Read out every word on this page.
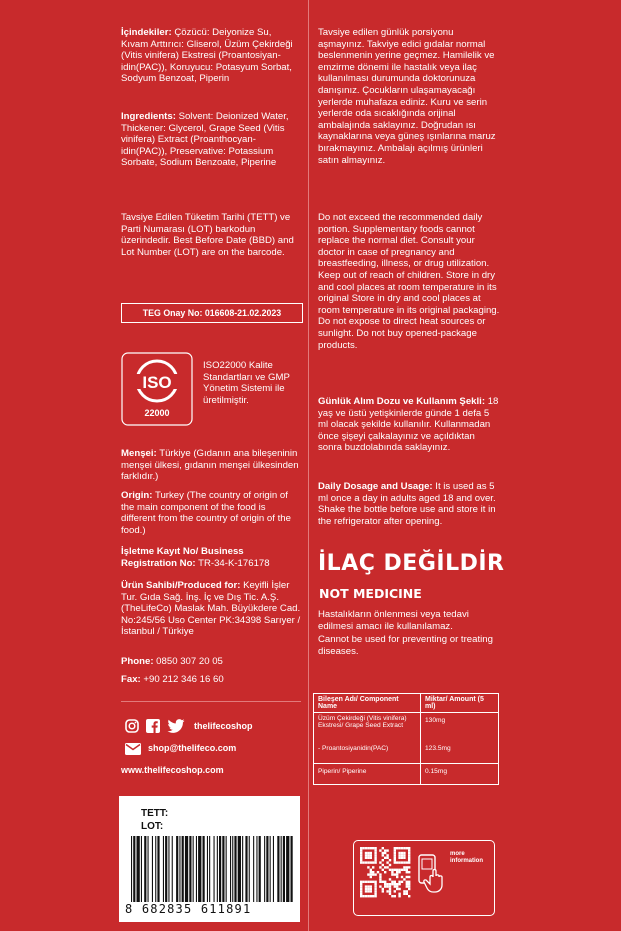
İçindekiler: Çözücü: Deiyonize Su, Kıvam Arttırıcı: Gliserol, Üzüm Çekirdeği (Vitis vinifera) Ekstresi (Proantosiyan-idin(PAC)), Koruyucu: Potasyum Sorbat, Sodyum Benzoat, Piperin
Ingredients: Solvent: Deionized Water, Thickener: Glycerol, Grape Seed (Vitis vinifera) Extract (Proanthocyan-idin(PAC)), Preservative: Potassium Sorbate, Sodium Benzoate, Piperine
Tavsiye Edilen Tüketim Tarihi (TETT) ve Parti Numarası (LOT) barkodun üzerindedir. Best Before Date (BBD) and Lot Number (LOT) are on the barcode.
TEG Onay No: 016608-21.02.2023
ISO
22000
ISO22000 Kalite Standartları ve GMP Yönetim Sistemi ile üretilmiştir.
Menşei: Türkiye (Gıdanın ana bileşeninin menşei ülkesi, gıdanın menşei ülkesinden farklıdır.)
Origin: Turkey (The country of origin of the main component of the food is different from the country of origin of the food.)
İşletme Kayıt No/ Business Registration No: TR-34-K-176178
Ürün Sahibi/Produced for: Keyifli İşler Tur. Gıda Sağ. İnş. İç ve Dış Tic. A.Ş. (TheLifeCo) Maslak Mah. Büyükdere Cad. No:245/56 Uso Center PK:34398 Sarıyer / İstanbul / Türkiye
Phone: 0850 307 20 05
Fax: +90 212 346 16 60
thelifecoshop
shop@thelifeco.com
www.thelifecoshop.com
TETT:
LOT:
8 682835 611891
Tavsiye edilen günlük porsiyonu aşmayınız. Takviye edici gıdalar normal beslenmenin yerine geçmez. Hamilelik ve emzirme dönemi ile hastalık veya ilaç kullanılması durumunda doktorunuza danışınız. Çocukların ulaşamayacağı yerlerde muhafaza ediniz. Kuru ve serin yerlerde oda sıcaklığında orijinal ambalajında saklayınız. Doğrudan ısı kaynaklarına veya güneş ışınlarına maruz bırakmayınız. Ambalajı açılmış ürünleri satın almayınız.
Do not exceed the recommended daily portion. Supplementary foods cannot replace the normal diet. Consult your doctor in case of pregnancy and breastfeeding, illness, or drug utilization. Keep out of reach of children. Store in dry and cool places at room temperature in its original Store in dry and cool places at room temperature in its original packaging. Do not expose to direct heat sources or sunlight. Do not buy opened-package products.
Günlük Alım Dozu ve Kullanım Şekli: 18 yaş ve üstü yetişkinlerde günde 1 defa 5 ml olacak şekilde kullanılır. Kullanmadan önce şişeyi çalkalayınız ve açıldıktan sonra buzdolabında saklayınız.
Daily Dosage and Usage: It is used as 5 ml once a day in adults aged 18 and over. Shake the bottle before use and store it in the refrigerator after opening.
İLAÇ DEĞİLDİR
NOT MEDICINE
Hastalıkların önlenmesi veya tedavi edilmesi amacı ile kullanılamaz.
Cannot be used for preventing or treating diseases.
Bileşen Adı/ Component Name	Miktar/ Amount (5 ml)
Üzüm Çekirdeği (Vitis vinifera) Ekstresi/ Grape Seed Extract	130mg
- Proantosiyanidin(PAC)	123.5mg
Piperin/ Piperine	0.15mg
more information
